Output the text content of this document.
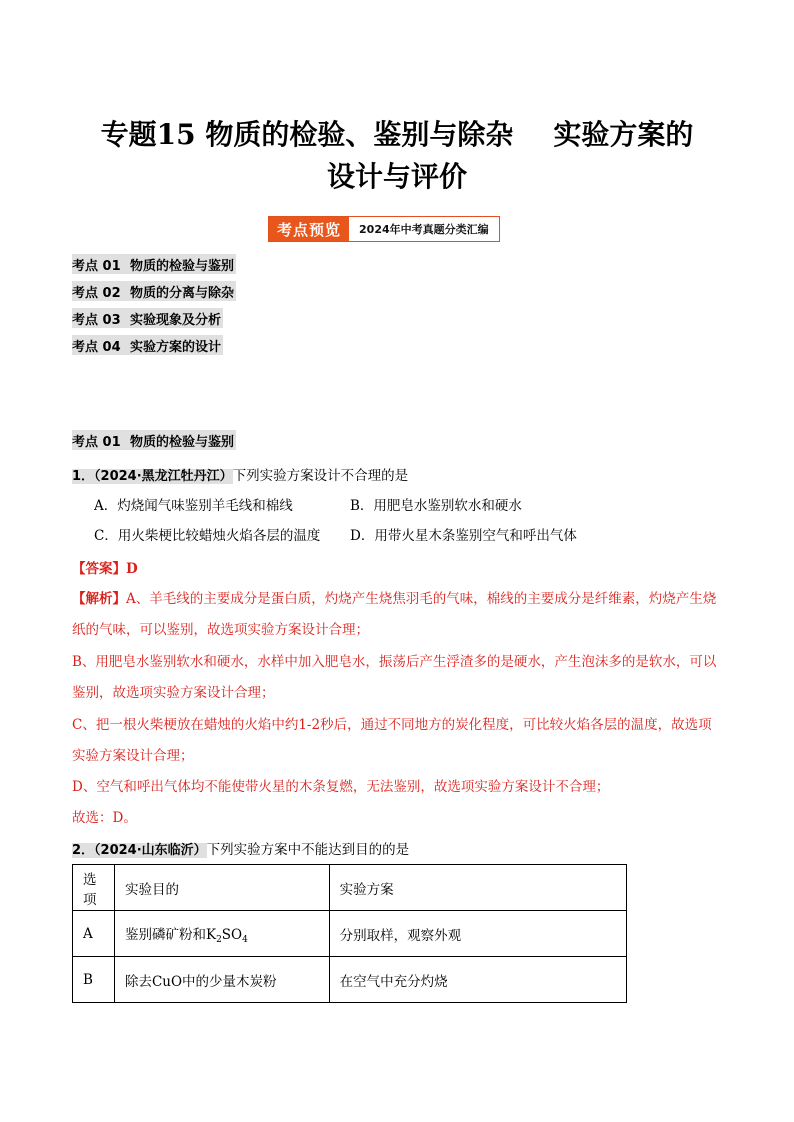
专题15 物质的检验、鉴别与除杂 实验方案的
设计与评价
考点预览	2024年中考真题分类汇编
考点 01 物质的检验与鉴别
考点 02 物质的分离与除杂
考点 03 实验现象及分析
考点 04 实验方案的设计
考点 01 物质的检验与鉴别
1．（2024·黑龙江牡丹江）下列实验方案设计不合理的是
A．灼烧闻气味鉴别羊毛线和棉线	B．用肥皂水鉴别软水和硬水
C．用火柴梗比较蜡烛火焰各层的温度 D．用带火星木条鉴别空气和呼出气体
【答案】D
【解析】A、羊毛线的主要成分是蛋白质，灼烧产生烧焦羽毛的气味，棉线的主要成分是纤维素，灼烧产生烧纸的气味，可以鉴别，故选项实验方案设计合理；
B、用肥皂水鉴别软水和硬水，水样中加入肥皂水，振荡后产生浮渣多的是硬水，产生泡沫多的是软水，可以鉴别，故选项实验方案设计合理；
C、把一根火柴梗放在蜡烛的火焰中约1-2秒后，通过不同地方的炭化程度，可比较火焰各层的温度，故选项实验方案设计合理；
D、空气和呼出气体均不能使带火星的木条复燃，无法鉴别，故选项实验方案设计不合理；
故选：D。
2．（2024·山东临沂）下列实验方案中不能达到目的的是
选项	实验目的	实验方案
A	鉴别磷矿粉和$K_2SO_4$	分别取样，观察外观
B	除去CuO中的少量木炭粉	在空气中充分灼烧
